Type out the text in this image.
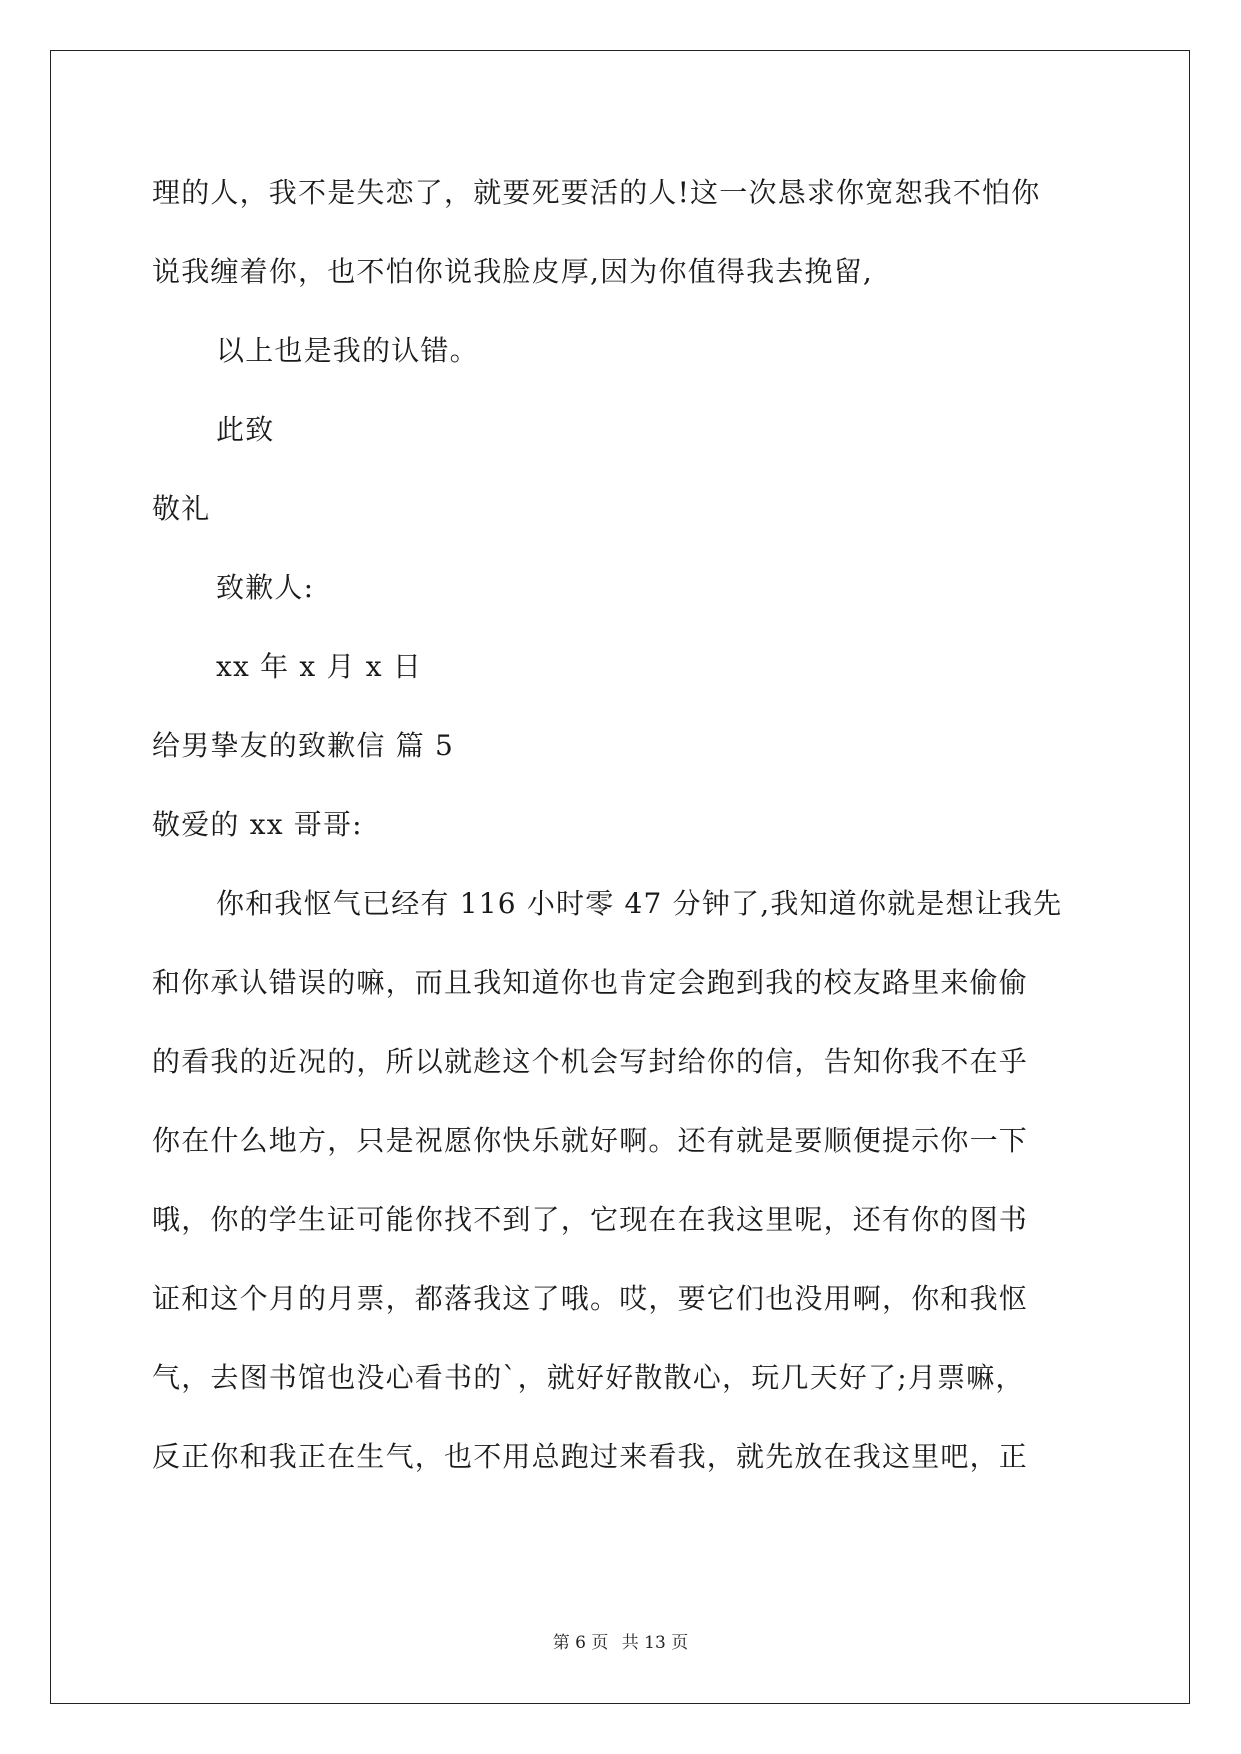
理的人，我不是失恋了，就要死要活的人!这一次恳求你宽恕我不怕你
说我缠着你，也不怕你说我脸皮厚,因为你值得我去挽留,
以上也是我的认错。
此致
敬礼
致歉人:
xx 年 x 月 x 日
给男挚友的致歉信 篇 5
敬爱的 xx 哥哥:
你和我怄气已经有 116 小时零 47 分钟了,我知道你就是想让我先
和你承认错误的嘛，而且我知道你也肯定会跑到我的校友路里来偷偷
的看我的近况的，所以就趁这个机会写封给你的信，告知你我不在乎
你在什么地方，只是祝愿你快乐就好啊。还有就是要顺便提示你一下
哦，你的学生证可能你找不到了，它现在在我这里呢，还有你的图书
证和这个月的月票，都落我这了哦。哎，要它们也没用啊，你和我怄
气，去图书馆也没心看书的`，就好好散散心，玩几天好了;月票嘛，
反正你和我正在生气，也不用总跑过来看我，就先放在我这里吧，正
第 6 页 共 13 页
